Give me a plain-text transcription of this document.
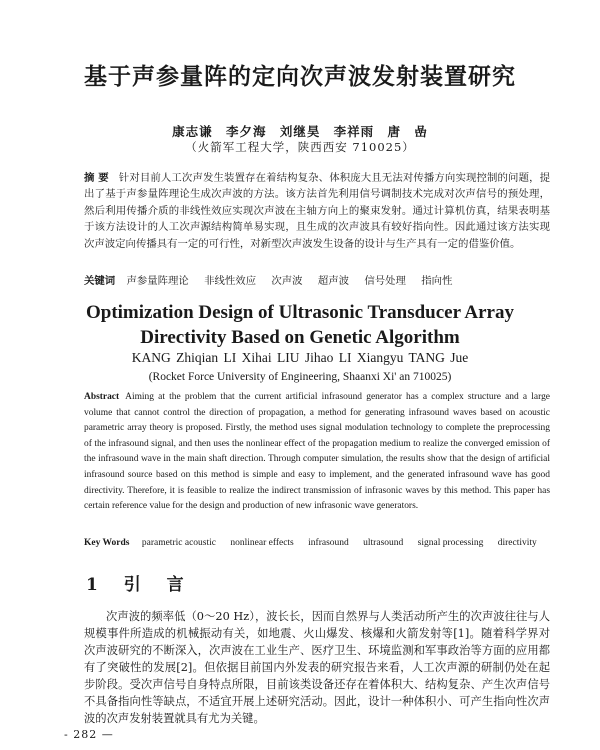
基于声参量阵的定向次声波发射装置研究
康志谦 李夕海 刘继昊 李祥雨 唐 嵒
（火箭军工程大学，陕西西安 710025）
摘 要 针对目前人工次声发生装置存在着结构复杂、体积庞大且无法对传播方向实现控制的问题，提出了基于声参量阵理论生成次声波的方法。该方法首先利用信号调制技术完成对次声信号的预处理，然后利用传播介质的非线性效应实现次声波在主轴方向上的聚束发射。通过计算机仿真，结果表明基于该方法设计的人工次声源结构简单易实现，且生成的次声波具有较好指向性。因此通过该方法实现次声波定向传播具有一定的可行性，对新型次声波发生设备的设计与生产具有一定的借鉴价值。
关键词 声参量阵理论 非线性效应 次声波 超声波 信号处理 指向性
Optimization Design of Ultrasonic Transducer Array
Directivity Based on Genetic Algorithm
KANG Zhiqian LI Xihai LIU Jihao LI Xiangyu TANG Jue
(Rocket Force University of Engineering, Shaanxi Xi' an 710025)
Abstract Aiming at the problem that the current artificial infrasound generator has a complex structure and a large volume that cannot control the direction of propagation, a method for generating infrasound waves based on acoustic parametric array theory is proposed. Firstly, the method uses signal modulation technology to complete the preprocessing of the infrasound signal, and then uses the nonlinear effect of the propagation medium to realize the converged emission of the infrasound wave in the main shaft direction. Through computer simulation, the results show that the design of artificial infrasound source based on this method is simple and easy to implement, and the generated infrasound wave has good directivity. Therefore, it is feasible to realize the indirect transmission of infrasonic waves by this method. This paper has certain reference value for the design and production of new infrasonic wave generators.
Key Words parametric acoustic nonlinear effects infrasound ultrasound signal processing directivity
1 引 言
次声波的频率低（0～20 Hz），波长长，因而自然界与人类活动所产生的次声波往往与人规模事件所造成的机械振动有关，如地震、火山爆发、核爆和火箭发射等[1]。随着科学界对次声波研究的不断深入，次声波在工业生产、医疗卫生、环境监测和军事政治等方面的应用都有了突破性的发展[2]。但依据目前国内外发表的研究报告来看，人工次声源的研制仍处在起步阶段。受次声信号自身特点所限，目前该类设备还存在着体积大、结构复杂、产生次声信号不具备指向性等缺点，不适宜开展上述研究活动。因此，设计一种体积小、可产生指向性次声波的次声发射装置就具有尤为关键。
- 282 —
